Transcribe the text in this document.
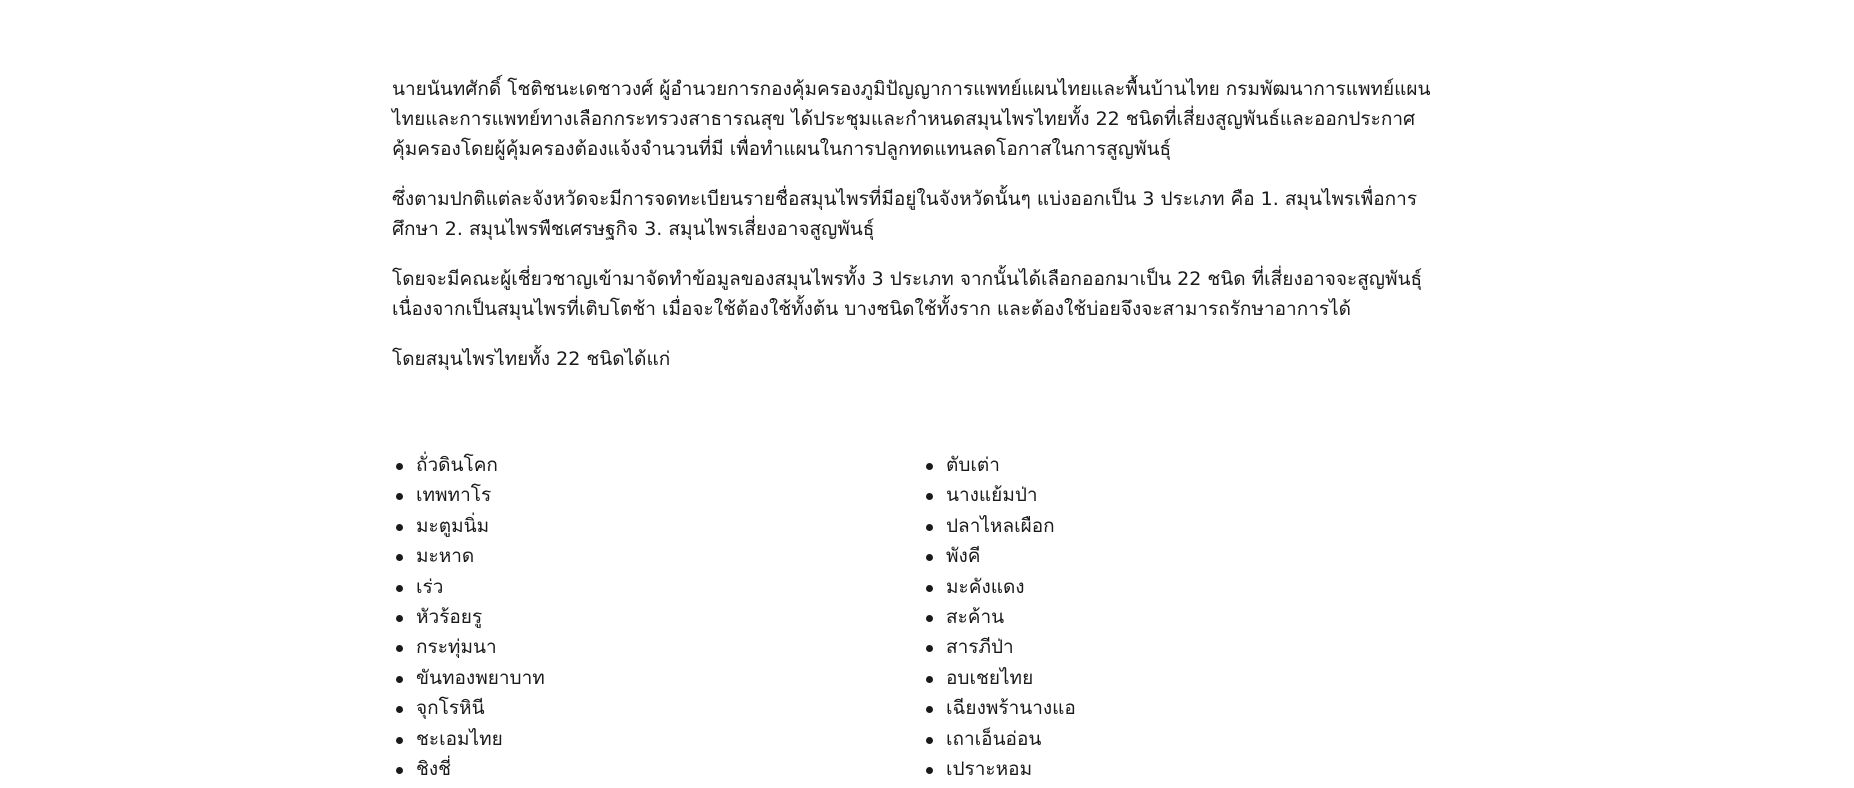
นายนันทศักดิ์ โชติชนะเดชาวงศ์ ผู้อำนวยการกองคุ้มครองภูมิปัญญาการแพทย์แผนไทยและพื้นบ้านไทย กรมพัฒนาการแพทย์แผนไทยและการแพทย์ทางเลือกกระทรวงสาธารณสุข ได้ประชุมและกำหนดสมุนไพรไทยทั้ง 22 ชนิดที่เสี่ยงสูญพันธ์และออกประกาศคุ้มครองโดยผู้คุ้มครองต้องแจ้งจำนวนที่มี เพื่อทำแผนในการปลูกทดแทนลดโอกาสในการสูญพันธุ์

ซึ่งตามปกติแต่ละจังหวัดจะมีการจดทะเบียนรายชื่อสมุนไพรที่มีอยู่ในจังหวัดนั้นๆ แบ่งออกเป็น 3 ประเภท คือ 1. สมุนไพรเพื่อการศึกษา 2. สมุนไพรพืชเศรษฐกิจ 3. สมุนไพรเสี่ยงอาจสูญพันธุ์

โดยจะมีคณะผู้เชี่ยวชาญเข้ามาจัดทำข้อมูลของสมุนไพรทั้ง 3 ประเภท จากนั้นได้เลือกออกมาเป็น 22 ชนิด ที่เสี่ยงอาจจะสูญพันธุ์ เนื่องจากเป็นสมุนไพรที่เติบโตช้า เมื่อจะใช้ต้องใช้ทั้งต้น บางชนิดใช้ทั้งราก และต้องใช้บ่อยจึงจะสามารถรักษาอาการได้

โดยสมุนไพรไทยทั้ง 22 ชนิดได้แก่

ถั่วดินโคก
เทพทาโร
มะตูมนิ่ม
มะหาด
เร่ว
หัวร้อยรู
กระทุ่มนา
ขันทองพยาบาท
จุกโรหินี
ชะเอมไทย
ชิงชี่
ตับเต่า
นางแย้มป่า
ปลาไหลเผือก
พังคี
มะคังแดง
สะค้าน
สารภีป่า
อบเชยไทย
เฉียงพร้านางแอ
เถาเอ็นอ่อน
เปราะหอม
